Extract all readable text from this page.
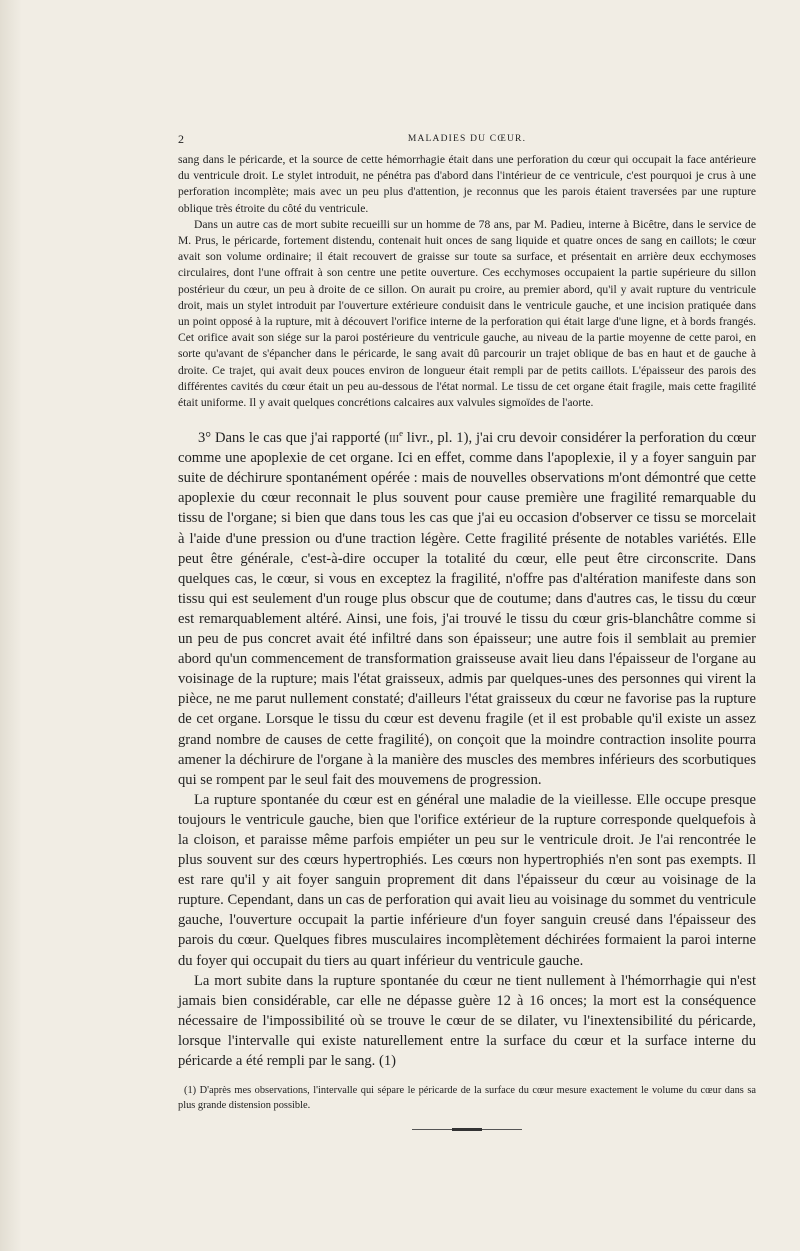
2	MALADIES DU CŒUR.

sang dans le péricarde, et la source de cette hémorrhagie était dans une perforation du cœur qui occupait la face antérieure du ventricule droit. Le stylet introduit, ne pénétra pas d'abord dans l'intérieur de ce ventricule, c'est pourquoi je crus à une perforation incomplète; mais avec un peu plus d'attention, je reconnus que les parois étaient traversées par une rupture oblique très étroite du côté du ventricule.

Dans un autre cas de mort subite recueilli sur un homme de 78 ans, par M. Padieu, interne à Bicêtre, dans le service de M. Prus, le péricarde, fortement distendu, contenait huit onces de sang liquide et quatre onces de sang en caillots; le cœur avait son volume ordinaire; il était recouvert de graisse sur toute sa surface, et présentait en arrière deux ecchymoses circulaires, dont l'une offrait à son centre une petite ouverture. Ces ecchymoses occupaient la partie supérieure du sillon postérieur du cœur, un peu à droite de ce sillon. On aurait pu croire, au premier abord, qu'il y avait rupture du ventricule droit, mais un stylet introduit par l'ouverture extérieure conduisit dans le ventricule gauche, et une incision pratiquée dans un point opposé à la rupture, mit à découvert l'orifice interne de la perforation qui était large d'une ligne, et à bords frangés. Cet orifice avait son siége sur la paroi postérieure du ventricule gauche, au niveau de la partie moyenne de cette paroi, en sorte qu'avant de s'épancher dans le péricarde, le sang avait dû parcourir un trajet oblique de bas en haut et de gauche à droite. Ce trajet, qui avait deux pouces environ de longueur était rempli par de petits caillots. L'épaisseur des parois des différentes cavités du cœur était un peu au-dessous de l'état normal. Le tissu de cet organe était fragile, mais cette fragilité était uniforme. Il y avait quelques concrétions calcaires aux valvules sigmoïdes de l'aorte.

3° Dans le cas que j'ai rapporté (iii$^e$ livr., pl. 1), j'ai cru devoir considérer la perforation du cœur comme une apoplexie de cet organe. Ici en effet, comme dans l'apoplexie, il y a foyer sanguin par suite de déchirure spontanément opérée : mais de nouvelles observations m'ont démontré que cette apoplexie du cœur reconnait le plus souvent pour cause première une fragilité remarquable du tissu de l'organe; si bien que dans tous les cas que j'ai eu occasion d'observer ce tissu se morcelait à l'aide d'une pression ou d'une traction légère. Cette fragilité présente de notables variétés. Elle peut être générale, c'est-à-dire occuper la totalité du cœur, elle peut être circonscrite. Dans quelques cas, le cœur, si vous en exceptez la fragilité, n'offre pas d'altération manifeste dans son tissu qui est seulement d'un rouge plus obscur que de coutume; dans d'autres cas, le tissu du cœur est remarquablement altéré. Ainsi, une fois, j'ai trouvé le tissu du cœur gris-blanchâtre comme si un peu de pus concret avait été infiltré dans son épaisseur; une autre fois il semblait au premier abord qu'un commencement de transformation graisseuse avait lieu dans l'épaisseur de l'organe au voisinage de la rupture; mais l'état graisseux, admis par quelques-unes des personnes qui virent la pièce, ne me parut nullement constaté; d'ailleurs l'état graisseux du cœur ne favorise pas la rupture de cet organe. Lorsque le tissu du cœur est devenu fragile (et il est probable qu'il existe un assez grand nombre de causes de cette fragilité), on conçoit que la moindre contraction insolite pourra amener la déchirure de l'organe à la manière des muscles des membres inférieurs des scorbutiques qui se rompent par le seul fait des mouvemens de progression.

La rupture spontanée du cœur est en général une maladie de la vieillesse. Elle occupe presque toujours le ventricule gauche, bien que l'orifice extérieur de la rupture corresponde quelquefois à la cloison, et paraisse même parfois empiéter un peu sur le ventricule droit. Je l'ai rencontrée le plus souvent sur des cœurs hypertrophiés. Les cœurs non hypertrophiés n'en sont pas exempts. Il est rare qu'il y ait foyer sanguin proprement dit dans l'épaisseur du cœur au voisinage de la rupture. Cependant, dans un cas de perforation qui avait lieu au voisinage du sommet du ventricule gauche, l'ouverture occupait la partie inférieure d'un foyer sanguin creusé dans l'épaisseur des parois du cœur. Quelques fibres musculaires incomplètement déchirées formaient la paroi interne du foyer qui occupait du tiers au quart inférieur du ventricule gauche.

La mort subite dans la rupture spontanée du cœur ne tient nullement à l'hémorrhagie qui n'est jamais bien considérable, car elle ne dépasse guère 12 à 16 onces; la mort est la conséquence nécessaire de l'impossibilité où se trouve le cœur de se dilater, vu l'inextensibilité du péricarde, lorsque l'intervalle qui existe naturellement entre la surface du cœur et la surface interne du péricarde a été rempli par le sang. (1)

(1) D'après mes observations, l'intervalle qui sépare le péricarde de la surface du cœur mesure exactement le volume du cœur dans sa plus grande distension possible.
